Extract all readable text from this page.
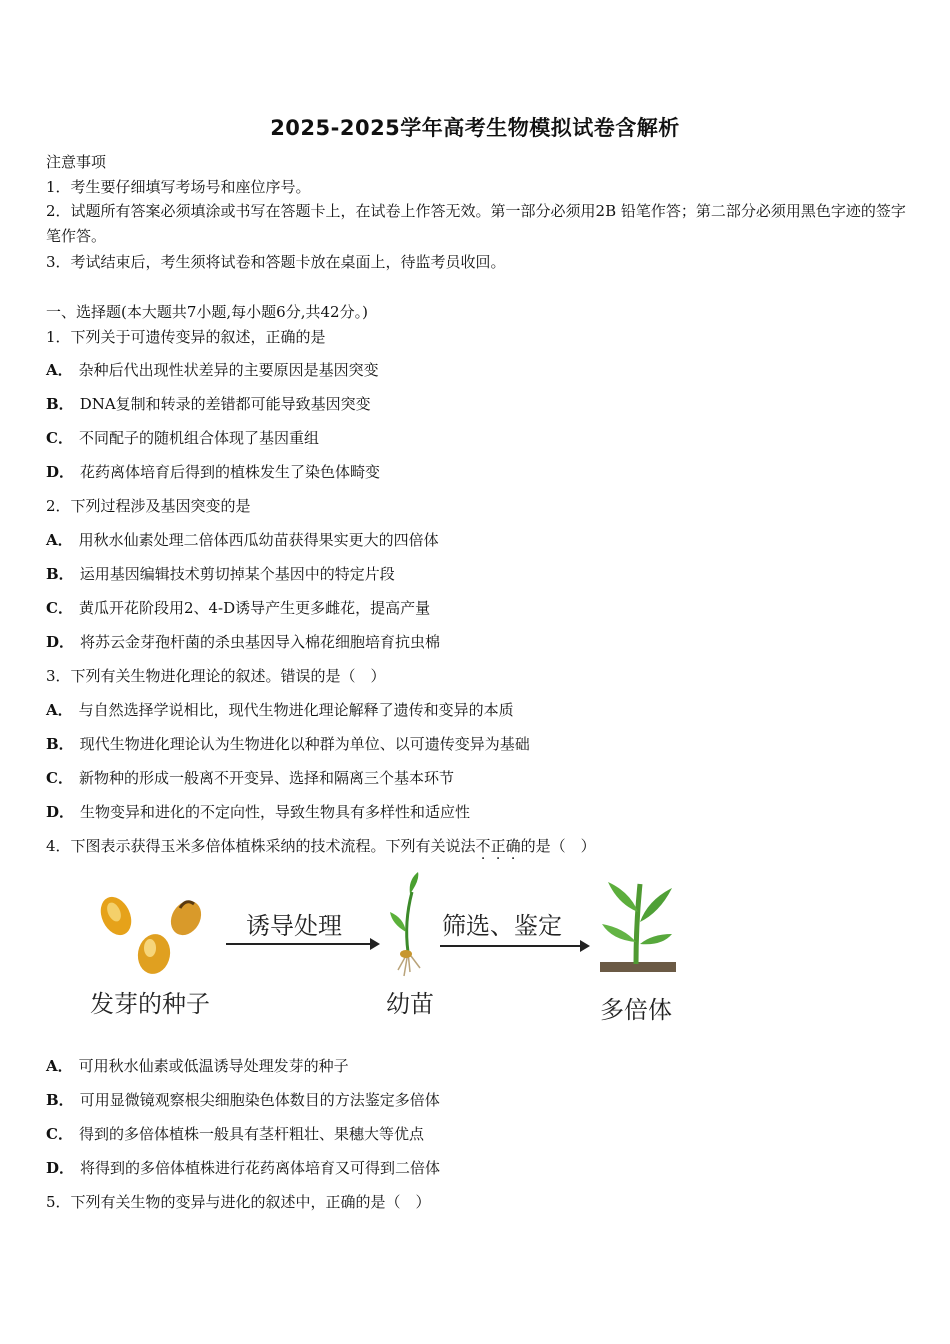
2025-2025学年高考生物模拟试卷含解析
注意事项
1．考生要仔细填写考场号和座位序号。
2．试题所有答案必须填涂或书写在答题卡上，在试卷上作答无效。第一部分必须用2B 铅笔作答；第二部分必须用黑色字迹的签字笔作答。
3．考试结束后，考生须将试卷和答题卡放在桌面上，待监考员收回。
一、选择题(本大题共7小题,每小题6分,共42分。)
1．下列关于可遗传变异的叙述，正确的是
A． 杂种后代出现性状差异的主要原因是基因突变
B． DNA复制和转录的差错都可能导致基因突变
C． 不同配子的随机组合体现了基因重组
D． 花药离体培育后得到的植株发生了染色体畸变
2．下列过程涉及基因突变的是
A． 用秋水仙素处理二倍体西瓜幼苗获得果实更大的四倍体
B． 运用基因编辑技术剪切掉某个基因中的特定片段
C． 黄瓜开花阶段用2、4-D诱导产生更多雌花，提高产量
D． 将苏云金芽孢杆菌的杀虫基因导入棉花细胞培育抗虫棉
3．下列有关生物进化理论的叙述。错误的是（　）
A． 与自然选择学说相比，现代生物进化理论解释了遗传和变异的本质
B． 现代生物进化理论认为生物进化以种群为单位、以可遗传变异为基础
C． 新物种的形成一般离不开变异、选择和隔离三个基本环节
D． 生物变异和进化的不定向性，导致生物具有多样性和适应性
4．下图表示获得玉米多倍体植株采纳的技术流程。下列有关说法不正确的是（　）
诱导处理	筛选、鉴定
发芽的种子	幼苗	多倍体
A． 可用秋水仙素或低温诱导处理发芽的种子
B． 可用显微镜观察根尖细胞染色体数目的方法鉴定多倍体
C． 得到的多倍体植株一般具有茎杆粗壮、果穗大等优点
D． 将得到的多倍体植株进行花药离体培育又可得到二倍体
5．下列有关生物的变异与进化的叙述中，正确的是（　）
